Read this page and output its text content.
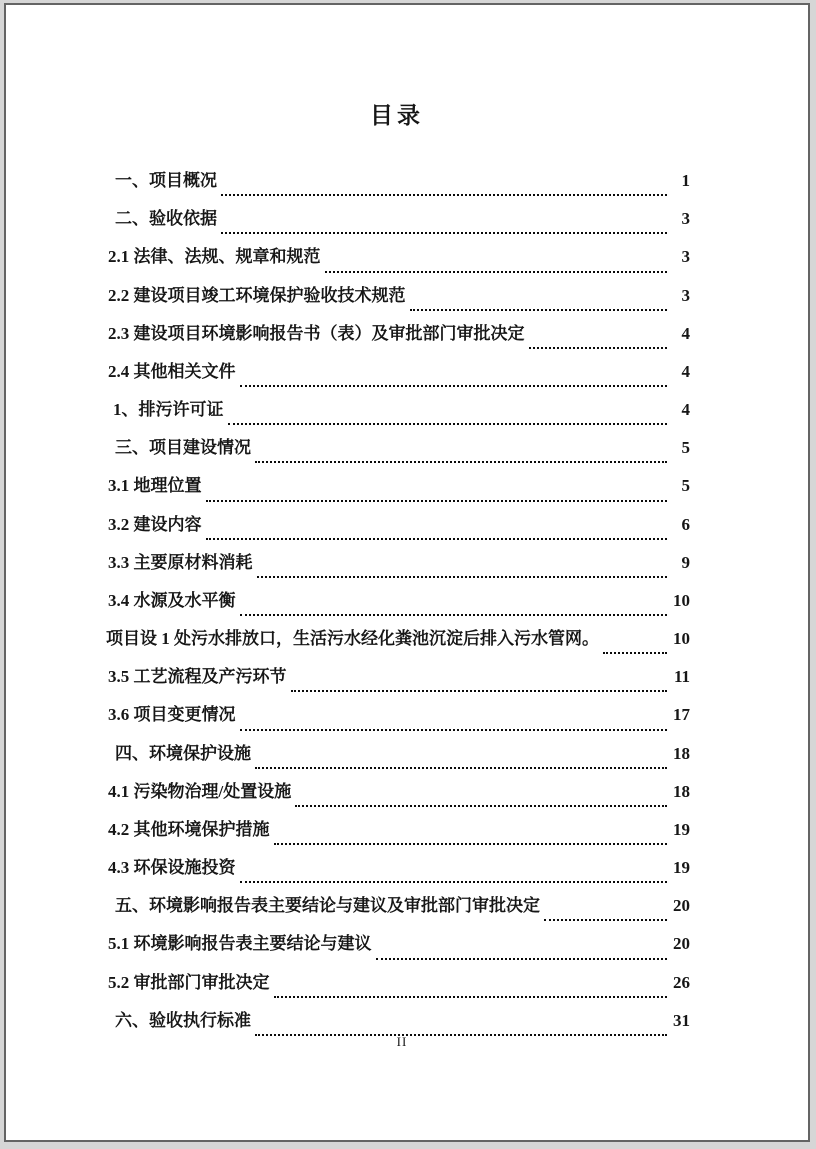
目录
一、项目概况	1
二、验收依据	3
2.1 法律、法规、规章和规范	3
2.2 建设项目竣工环境保护验收技术规范	3
2.3 建设项目环境影响报告书（表）及审批部门审批决定	4
2.4 其他相关文件	4
1、排污许可证	4
三、项目建设情况	5
3.1 地理位置	5
3.2 建设内容	6
3.3 主要原材料消耗	9
3.4 水源及水平衡	10
项目设 1 处污水排放口，生活污水经化粪池沉淀后排入污水管网。	10
3.5 工艺流程及产污环节	11
3.6 项目变更情况	17
四、环境保护设施	18
4.1 污染物治理/处置设施	18
4.2 其他环境保护措施	19
4.3 环保设施投资	19
五、环境影响报告表主要结论与建议及审批部门审批决定	20
5.1 环境影响报告表主要结论与建议	20
5.2 审批部门审批决定	26
六、验收执行标准	31
II
